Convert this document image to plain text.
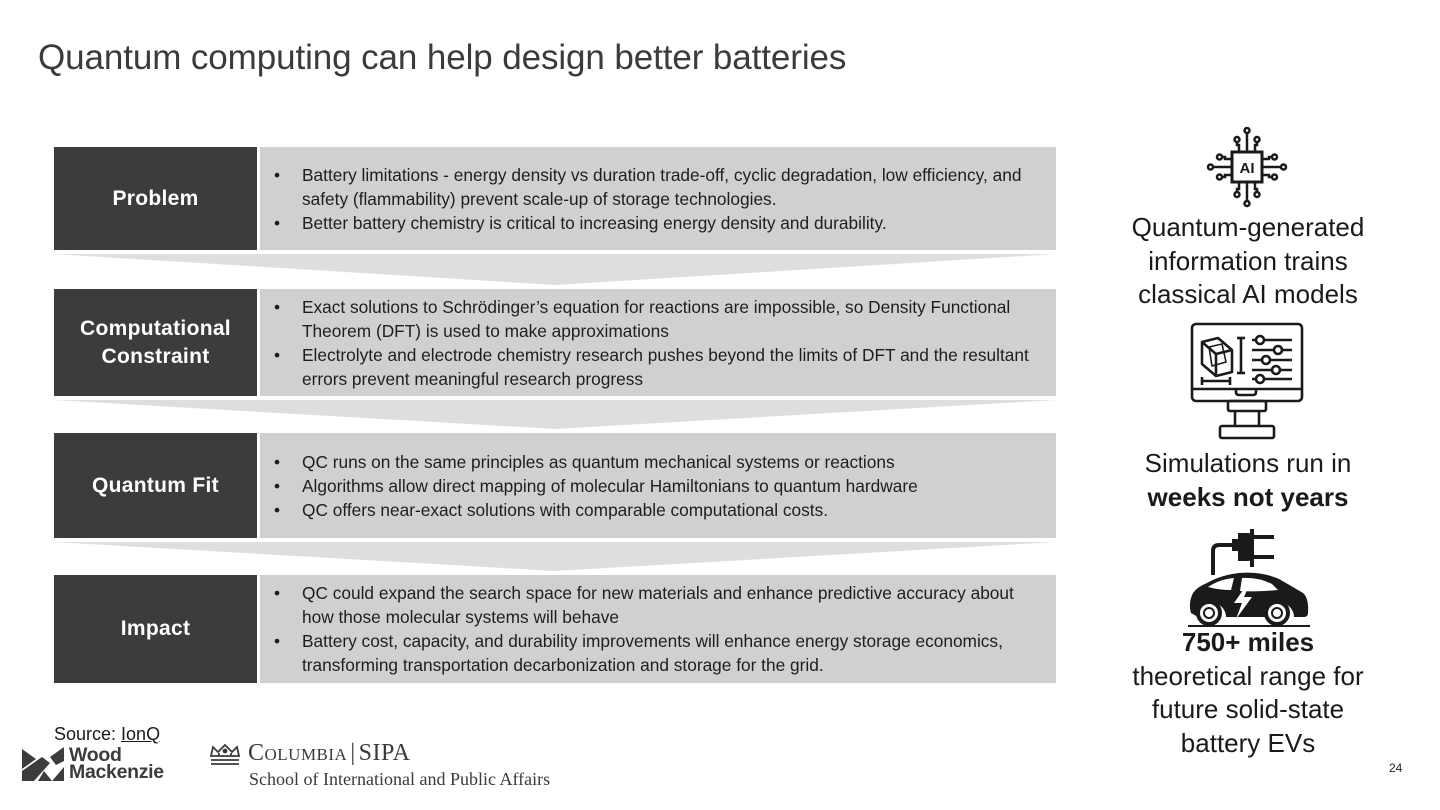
Quantum computing can help design better batteries
Problem
• Battery limitations - energy density vs duration trade-off, cyclic degradation, low efficiency, and safety (flammability) prevent scale-up of storage technologies.
• Better battery chemistry is critical to increasing energy density and durability.
Computational
Constraint
• Exact solutions to Schrödinger’s equation for reactions are impossible, so Density Functional Theorem (DFT) is used to make approximations
• Electrolyte and electrode chemistry research pushes beyond the limits of DFT and the resultant errors prevent meaningful research progress
Quantum Fit
• QC runs on the same principles as quantum mechanical systems or reactions
• Algorithms allow direct mapping of molecular Hamiltonians to quantum hardware
• QC offers near-exact solutions with comparable computational costs.
Impact
• QC could expand the search space for new materials and enhance predictive accuracy about how those molecular systems will behave
• Battery cost, capacity, and durability improvements will enhance energy storage economics, transforming transportation decarbonization and storage for the grid.
AI
Quantum-generated
information trains
classical AI models
Simulations run in
weeks not years
750+ miles
theoretical range for
future solid-state
battery EVs
Source: IonQ
Wood
Mackenzie
Columbia | SIPA
School of International and Public Affairs
24
